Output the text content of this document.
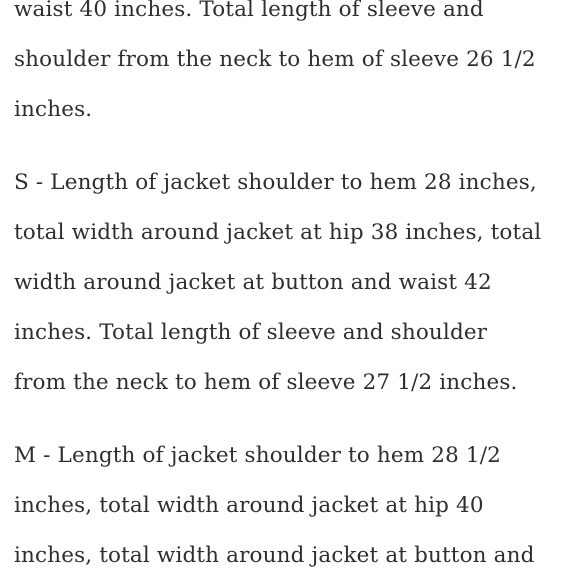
waist 40 inches. Total length of sleeve and
shoulder from the neck to hem of sleeve 26 1/2
inches.

S - Length of jacket shoulder to hem 28 inches,
total width around jacket at hip 38 inches, total
width around jacket at button and waist 42
inches. Total length of sleeve and shoulder
from the neck to hem of sleeve 27 1/2 inches.

M - Length of jacket shoulder to hem 28 1/2
inches, total width around jacket at hip 40
inches, total width around jacket at button and
